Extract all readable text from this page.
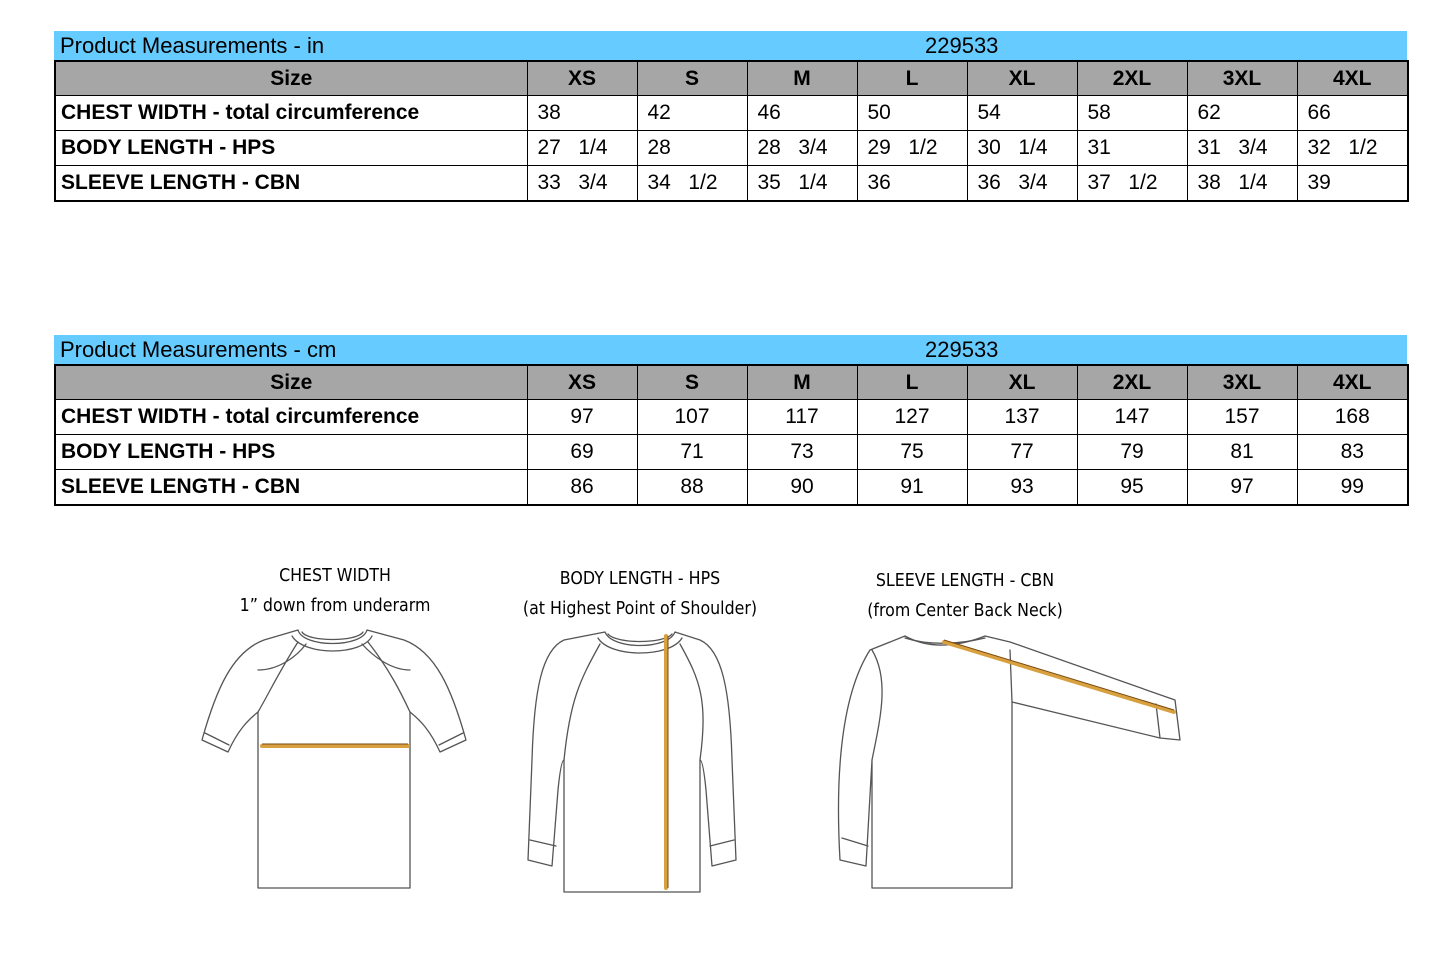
Product Measurements - in	229533
Size	XS	S	M	L	XL	2XL	3XL	4XL
CHEST WIDTH - total circumference	38	42	46	50	54	58	62	66
BODY LENGTH - HPS	27   1/4	28	28   3/4	29   1/2	30   1/4	31	31   3/4	32   1/2
SLEEVE LENGTH - CBN	33   3/4	34   1/2	35   1/4	36	36   3/4	37   1/2	38   1/4	39
Product Measurements - cm	229533
Size	XS	S	M	L	XL	2XL	3XL	4XL
CHEST WIDTH - total circumference	97	107	117	127	137	147	157	168
BODY LENGTH - HPS	69	71	73	75	77	79	81	83
SLEEVE LENGTH - CBN	86	88	90	91	93	95	97	99
CHEST WIDTH
1” down from underarm
BODY LENGTH - HPS
(at Highest Point of Shoulder)
SLEEVE LENGTH - CBN
(from Center Back Neck)
